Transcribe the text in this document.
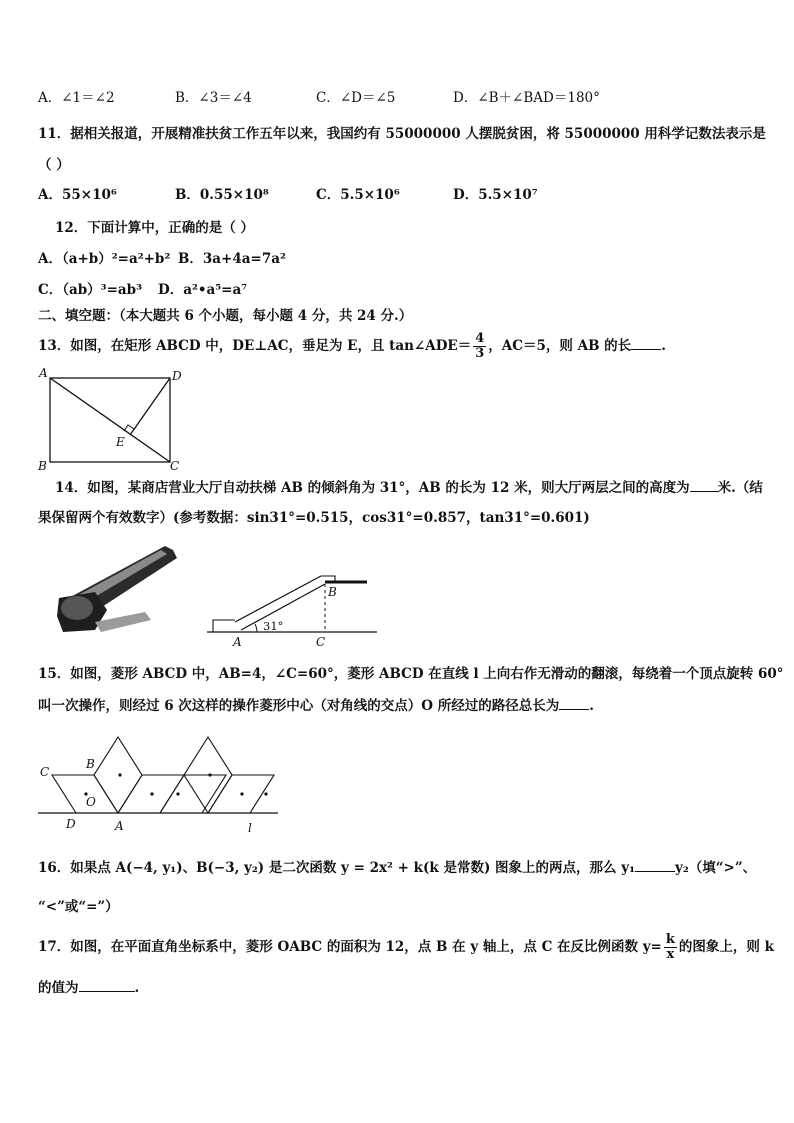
A．∠1＝∠2	B．∠3＝∠4	C．∠D＝∠5	D．∠B＋∠BAD＝180°
11．据相关报道，开展精准扶贫工作五年以来，我国约有 55000000 人摆脱贫困，将 55000000 用科学记数法表示是
（ ）
A．55×10⁶	B．0.55×10⁸	C．5.5×10⁶	D．5.5×10⁷
12．下面计算中，正确的是（ ）
A．（a+b）²=a²+b² B．3a+4a=7a²
C．（ab）³=ab³ D．a²•a⁵=a⁷
二、填空题：（本大题共 6 个小题，每小题 4 分，共 24 分.）
13．如图，在矩形 ABCD 中，DE⊥AC，垂足为 E，且 tan∠ADE＝ $\frac{4}{3}$ ，AC＝5，则 AB 的长 .
A	D
B	C
E
14．如图，某商店营业大厅自动扶梯 AB 的倾斜角为 31°，AB 的长为 12 米，则大厅两层之间的高度为 米.（结
果保留两个有效数字）(参考数据：sin31°=0.515，cos31°=0.857，tan31°=0.601)
A
B
C
31°
15．如图，菱形 ABCD 中，AB=4，∠C=60°，菱形 ABCD 在直线 l 上向右作无滑动的翻滚，每绕着一个顶点旋转 60°
叫一次操作，则经过 6 次这样的操作菱形中心（对角线的交点）O 所经过的路径总长为 .
C
B
O
D	A	l
16．如果点 A(−4, y₁)、B(−3, y₂) 是二次函数 y = 2x² + k(k 是常数) 图象上的两点，那么 y₁	y₂（填“>”、
“<”或“=”）
17．如图，在平面直角坐标系中，菱形 OABC 的面积为 12，点 B 在 y 轴上，点 C 在反比例函数 $y= \frac{k}{x}$ 的图象上，则 k
的值为	.
